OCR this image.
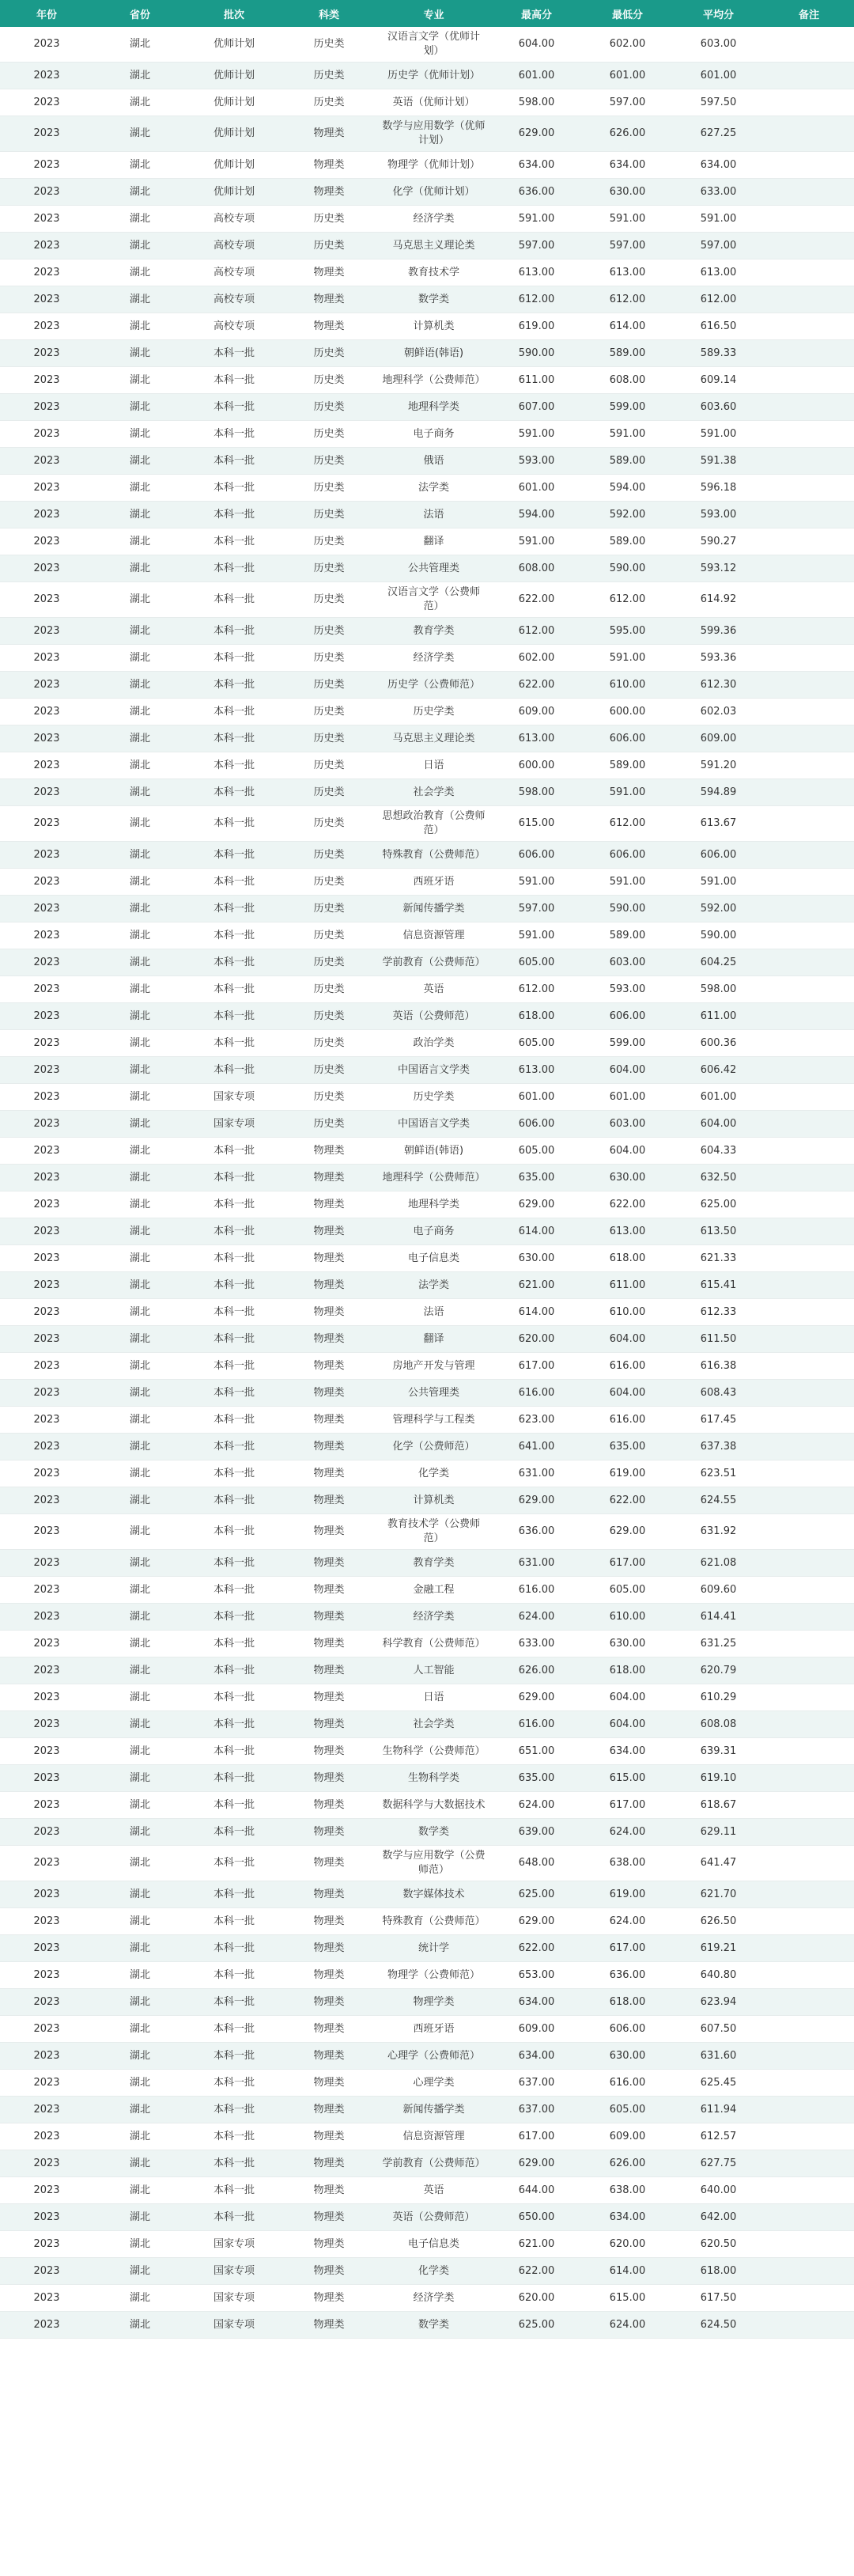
年份	省份	批次	科类	专业	最高分	最低分	平均分	备注
2023	湖北	优师计划	历史类	汉语言文学（优师计划）	604.00	602.00	603.00	
2023	湖北	优师计划	历史类	历史学（优师计划）	601.00	601.00	601.00	
2023	湖北	优师计划	历史类	英语（优师计划）	598.00	597.00	597.50	
2023	湖北	优师计划	物理类	数学与应用数学（优师计划）	629.00	626.00	627.25	
2023	湖北	优师计划	物理类	物理学（优师计划）	634.00	634.00	634.00	
2023	湖北	优师计划	物理类	化学（优师计划）	636.00	630.00	633.00	
2023	湖北	高校专项	历史类	经济学类	591.00	591.00	591.00	
2023	湖北	高校专项	历史类	马克思主义理论类	597.00	597.00	597.00	
2023	湖北	高校专项	物理类	教育技术学	613.00	613.00	613.00	
2023	湖北	高校专项	物理类	数学类	612.00	612.00	612.00	
2023	湖北	高校专项	物理类	计算机类	619.00	614.00	616.50	
2023	湖北	本科一批	历史类	朝鲜语(韩语)	590.00	589.00	589.33	
2023	湖北	本科一批	历史类	地理科学（公费师范）	611.00	608.00	609.14	
2023	湖北	本科一批	历史类	地理科学类	607.00	599.00	603.60	
2023	湖北	本科一批	历史类	电子商务	591.00	591.00	591.00	
2023	湖北	本科一批	历史类	俄语	593.00	589.00	591.38	
2023	湖北	本科一批	历史类	法学类	601.00	594.00	596.18	
2023	湖北	本科一批	历史类	法语	594.00	592.00	593.00	
2023	湖北	本科一批	历史类	翻译	591.00	589.00	590.27	
2023	湖北	本科一批	历史类	公共管理类	608.00	590.00	593.12	
2023	湖北	本科一批	历史类	汉语言文学（公费师范）	622.00	612.00	614.92	
2023	湖北	本科一批	历史类	教育学类	612.00	595.00	599.36	
2023	湖北	本科一批	历史类	经济学类	602.00	591.00	593.36	
2023	湖北	本科一批	历史类	历史学（公费师范）	622.00	610.00	612.30	
2023	湖北	本科一批	历史类	历史学类	609.00	600.00	602.03	
2023	湖北	本科一批	历史类	马克思主义理论类	613.00	606.00	609.00	
2023	湖北	本科一批	历史类	日语	600.00	589.00	591.20	
2023	湖北	本科一批	历史类	社会学类	598.00	591.00	594.89	
2023	湖北	本科一批	历史类	思想政治教育（公费师范）	615.00	612.00	613.67	
2023	湖北	本科一批	历史类	特殊教育（公费师范）	606.00	606.00	606.00	
2023	湖北	本科一批	历史类	西班牙语	591.00	591.00	591.00	
2023	湖北	本科一批	历史类	新闻传播学类	597.00	590.00	592.00	
2023	湖北	本科一批	历史类	信息资源管理	591.00	589.00	590.00	
2023	湖北	本科一批	历史类	学前教育（公费师范）	605.00	603.00	604.25	
2023	湖北	本科一批	历史类	英语	612.00	593.00	598.00	
2023	湖北	本科一批	历史类	英语（公费师范）	618.00	606.00	611.00	
2023	湖北	本科一批	历史类	政治学类	605.00	599.00	600.36	
2023	湖北	本科一批	历史类	中国语言文学类	613.00	604.00	606.42	
2023	湖北	国家专项	历史类	历史学类	601.00	601.00	601.00	
2023	湖北	国家专项	历史类	中国语言文学类	606.00	603.00	604.00	
2023	湖北	本科一批	物理类	朝鲜语(韩语)	605.00	604.00	604.33	
2023	湖北	本科一批	物理类	地理科学（公费师范）	635.00	630.00	632.50	
2023	湖北	本科一批	物理类	地理科学类	629.00	622.00	625.00	
2023	湖北	本科一批	物理类	电子商务	614.00	613.00	613.50	
2023	湖北	本科一批	物理类	电子信息类	630.00	618.00	621.33	
2023	湖北	本科一批	物理类	法学类	621.00	611.00	615.41	
2023	湖北	本科一批	物理类	法语	614.00	610.00	612.33	
2023	湖北	本科一批	物理类	翻译	620.00	604.00	611.50	
2023	湖北	本科一批	物理类	房地产开发与管理	617.00	616.00	616.38	
2023	湖北	本科一批	物理类	公共管理类	616.00	604.00	608.43	
2023	湖北	本科一批	物理类	管理科学与工程类	623.00	616.00	617.45	
2023	湖北	本科一批	物理类	化学（公费师范）	641.00	635.00	637.38	
2023	湖北	本科一批	物理类	化学类	631.00	619.00	623.51	
2023	湖北	本科一批	物理类	计算机类	629.00	622.00	624.55	
2023	湖北	本科一批	物理类	教育技术学（公费师范）	636.00	629.00	631.92	
2023	湖北	本科一批	物理类	教育学类	631.00	617.00	621.08	
2023	湖北	本科一批	物理类	金融工程	616.00	605.00	609.60	
2023	湖北	本科一批	物理类	经济学类	624.00	610.00	614.41	
2023	湖北	本科一批	物理类	科学教育（公费师范）	633.00	630.00	631.25	
2023	湖北	本科一批	物理类	人工智能	626.00	618.00	620.79	
2023	湖北	本科一批	物理类	日语	629.00	604.00	610.29	
2023	湖北	本科一批	物理类	社会学类	616.00	604.00	608.08	
2023	湖北	本科一批	物理类	生物科学（公费师范）	651.00	634.00	639.31	
2023	湖北	本科一批	物理类	生物科学类	635.00	615.00	619.10	
2023	湖北	本科一批	物理类	数据科学与大数据技术	624.00	617.00	618.67	
2023	湖北	本科一批	物理类	数学类	639.00	624.00	629.11	
2023	湖北	本科一批	物理类	数学与应用数学（公费师范）	648.00	638.00	641.47	
2023	湖北	本科一批	物理类	数字媒体技术	625.00	619.00	621.70	
2023	湖北	本科一批	物理类	特殊教育（公费师范）	629.00	624.00	626.50	
2023	湖北	本科一批	物理类	统计学	622.00	617.00	619.21	
2023	湖北	本科一批	物理类	物理学（公费师范）	653.00	636.00	640.80	
2023	湖北	本科一批	物理类	物理学类	634.00	618.00	623.94	
2023	湖北	本科一批	物理类	西班牙语	609.00	606.00	607.50	
2023	湖北	本科一批	物理类	心理学（公费师范）	634.00	630.00	631.60	
2023	湖北	本科一批	物理类	心理学类	637.00	616.00	625.45	
2023	湖北	本科一批	物理类	新闻传播学类	637.00	605.00	611.94	
2023	湖北	本科一批	物理类	信息资源管理	617.00	609.00	612.57	
2023	湖北	本科一批	物理类	学前教育（公费师范）	629.00	626.00	627.75	
2023	湖北	本科一批	物理类	英语	644.00	638.00	640.00	
2023	湖北	本科一批	物理类	英语（公费师范）	650.00	634.00	642.00	
2023	湖北	国家专项	物理类	电子信息类	621.00	620.00	620.50	
2023	湖北	国家专项	物理类	化学类	622.00	614.00	618.00	
2023	湖北	国家专项	物理类	经济学类	620.00	615.00	617.50	
2023	湖北	国家专项	物理类	数学类	625.00	624.00	624.50	
